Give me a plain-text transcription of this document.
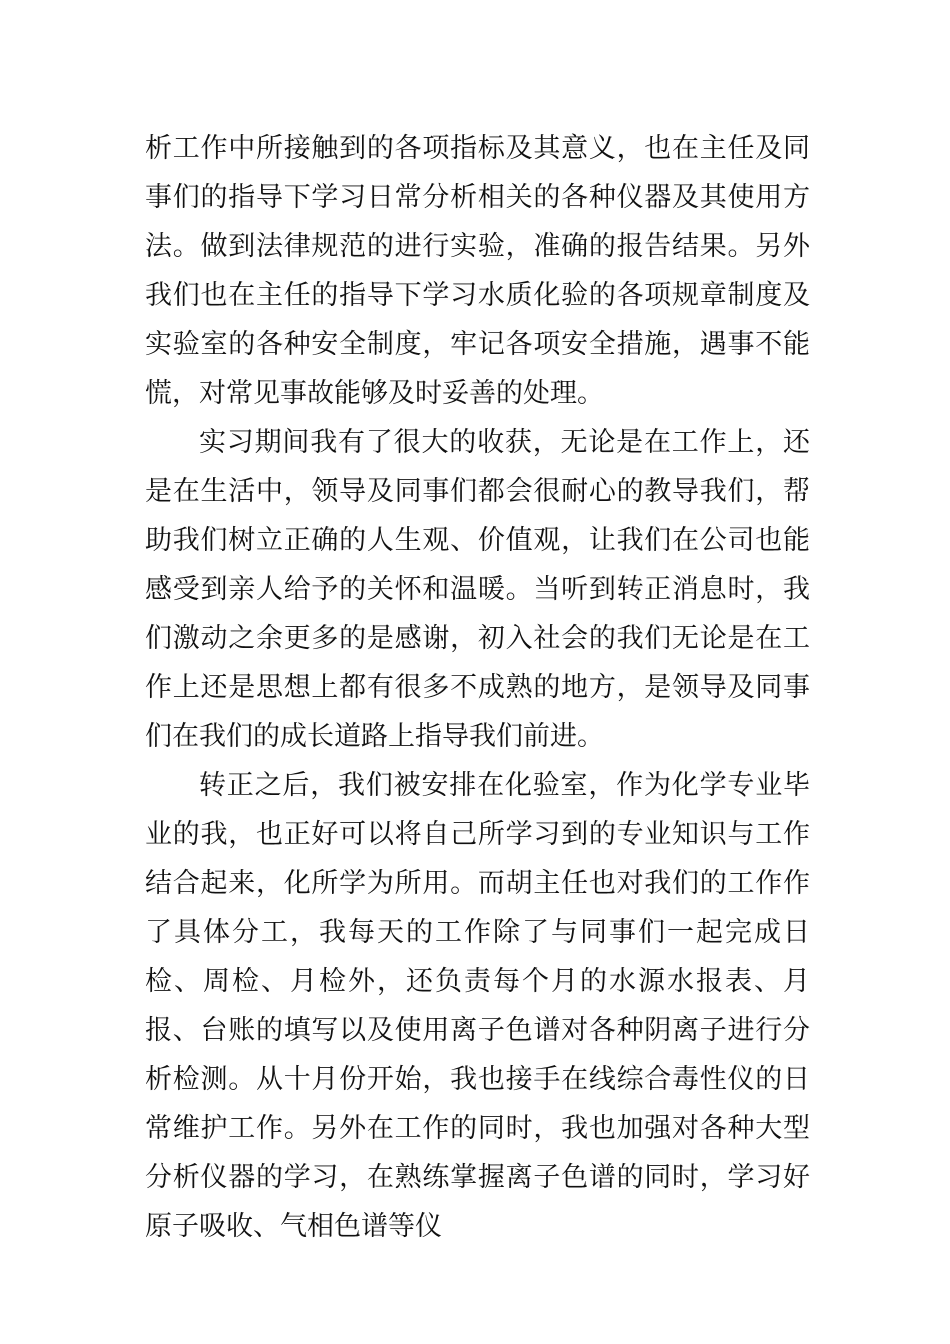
析工作中所接触到的各项指标及其意义，也在主任及同事们的指导下学习日常分析相关的各种仪器及其使用方法。做到法律规范的进行实验，准确的报告结果。另外我们也在主任的指导下学习水质化验的各项规章制度及实验室的各种安全制度，牢记各项安全措施，遇事不能慌，对常见事故能够及时妥善的处理。

实习期间我有了很大的收获，无论是在工作上，还是在生活中，领导及同事们都会很耐心的教导我们，帮助我们树立正确的人生观、价值观，让我们在公司也能感受到亲人给予的关怀和温暖。当听到转正消息时，我们激动之余更多的是感谢，初入社会的我们无论是在工作上还是思想上都有很多不成熟的地方，是领导及同事们在我们的成长道路上指导我们前进。

转正之后，我们被安排在化验室，作为化学专业毕业的我，也正好可以将自己所学习到的专业知识与工作结合起来，化所学为所用。而胡主任也对我们的工作作了具体分工，我每天的工作除了与同事们一起完成日检、周检、月检外，还负责每个月的水源水报表、月报、台账的填写以及使用离子色谱对各种阴离子进行分析检测。从十月份开始，我也接手在线综合毒性仪的日常维护工作。另外在工作的同时，我也加强对各种大型分析仪器的学习，在熟练掌握离子色谱的同时，学习好原子吸收、气相色谱等仪
